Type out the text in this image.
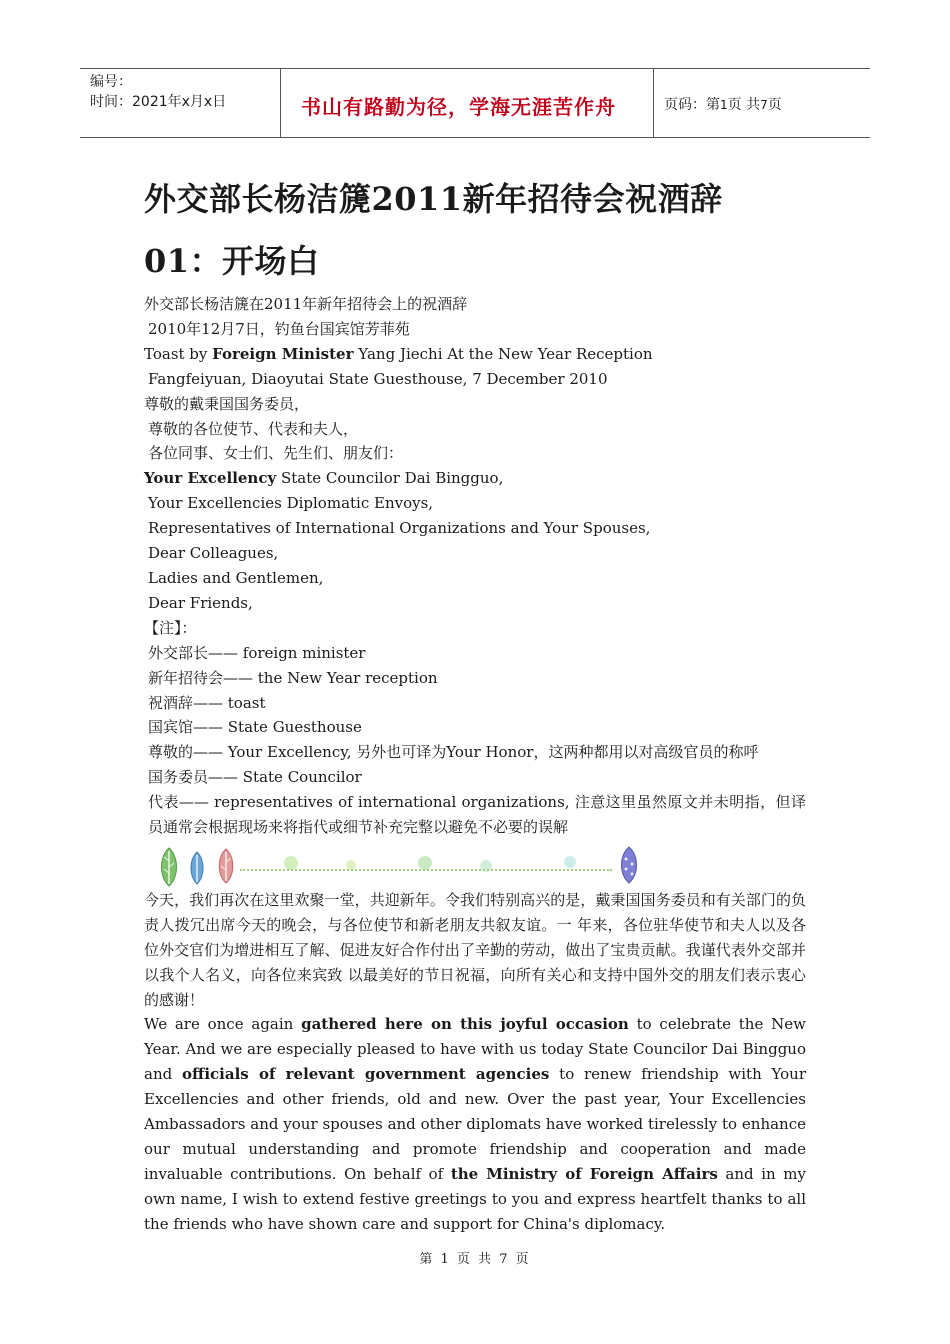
编号：
时间：2021年x月x日	书山有路勤为径，学海无涯苦作舟	页码：第1页 共7页
外交部长杨洁篪2011新年招待会祝酒辞
01：开场白
外交部长杨洁篪在2011年新年招待会上的祝酒辞
2010年12月7日，钓鱼台国宾馆芳菲苑
Toast by Foreign Minister Yang Jiechi At the New Year Reception
Fangfeiyuan, Diaoyutai State Guesthouse, 7 December 2010
尊敬的戴秉国国务委员，
尊敬的各位使节、代表和夫人，
各位同事、女士们、先生们、朋友们：
Your Excellency State Councilor Dai Bingguo,
Your Excellencies Diplomatic Envoys,
Representatives of International Organizations and Your Spouses,
Dear Colleagues,
Ladies and Gentlemen,
Dear Friends,
【注】：
外交部长—— foreign minister
新年招待会—— the New Year reception
祝酒辞—— toast
国宾馆—— State Guesthouse
尊敬的—— Your Excellency, 另外也可译为Your Honor，这两种都用以对高级官员的称呼
国务委员—— State Councilor
代表—— representatives of international organizations, 注意这里虽然原文并未明指，但译员通常会根据现场来将指代或细节补充完整以避免不必要的误解
今天，我们再次在这里欢聚一堂，共迎新年。令我们特别高兴的是，戴秉国国务委员和有关部门的负责人拨冗出席今天的晚会，与各位使节和新老朋友共叙友谊。一 年来，各位驻华使节和夫人以及各位外交官们为增进相互了解、促进友好合作付出了辛勤的劳动，做出了宝贵贡献。我谨代表外交部并以我个人名义，向各位来宾致 以最美好的节日祝福，向所有关心和支持中国外交的朋友们表示衷心的感谢！
We are once again gathered here on this joyful occasion to celebrate the New Year. And we are especially pleased to have with us today State Councilor Dai Bingguo and officials of relevant government agencies to renew friendship with Your Excellencies and other friends, old and new. Over the past year, Your Excellencies Ambassadors and your spouses and other diplomats have worked tirelessly to enhance our mutual understanding and promote friendship and cooperation and made invaluable contributions. On behalf of the Ministry of Foreign Affairs and in my own name, I wish to extend festive greetings to you and express heartfelt thanks to all the friends who have shown care and support for China's diplomacy.
第 1 页 共 7 页
